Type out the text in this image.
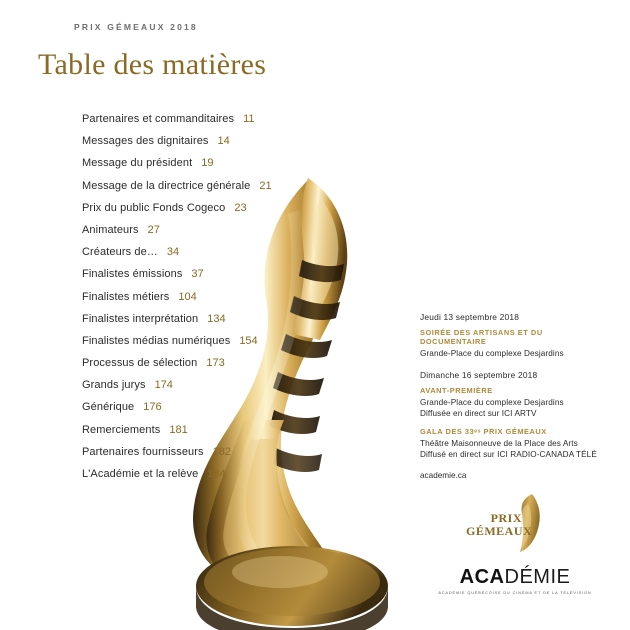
PRIX GÉMEAUX 2018
Table des matières
Partenaires et commanditaires 11
Messages des dignitaires 14
Message du président 19
Message de la directrice générale 21
Prix du public Fonds Cogeco 23
Animateurs 27
Créateurs de… 34
Finalistes émissions 37
Finalistes métiers 104
Finalistes interprétation 134
Finalistes médias numériques 154
Processus de sélection 173
Grands jurys 174
Générique 176
Remerciements 181
Partenaires fournisseurs 182
L'Académie et la relève 184
Jeudi 13 septembre 2018
SOIRÉE DES ARTISANS ET DU DOCUMENTAIRE
Grande-Place du complexe Desjardins
Dimanche 16 septembre 2018
AVANT-PREMIÈRE
Grande-Place du complexe Desjardins
Diffusée en direct sur ICI ARTV
GALA DES 33ᵉˢ PRIX GÉMEAUX
Théâtre Maisonneuve de la Place des Arts
Diffusé en direct sur ICI RADIO-CANADA TÉLÉ
academie.ca
PRIX
GÉMEAUX
ACADÉMIE
ACADÉMIE QUÉBÉCOISE DU CINÉMA ET DE LA TÉLÉVISION
